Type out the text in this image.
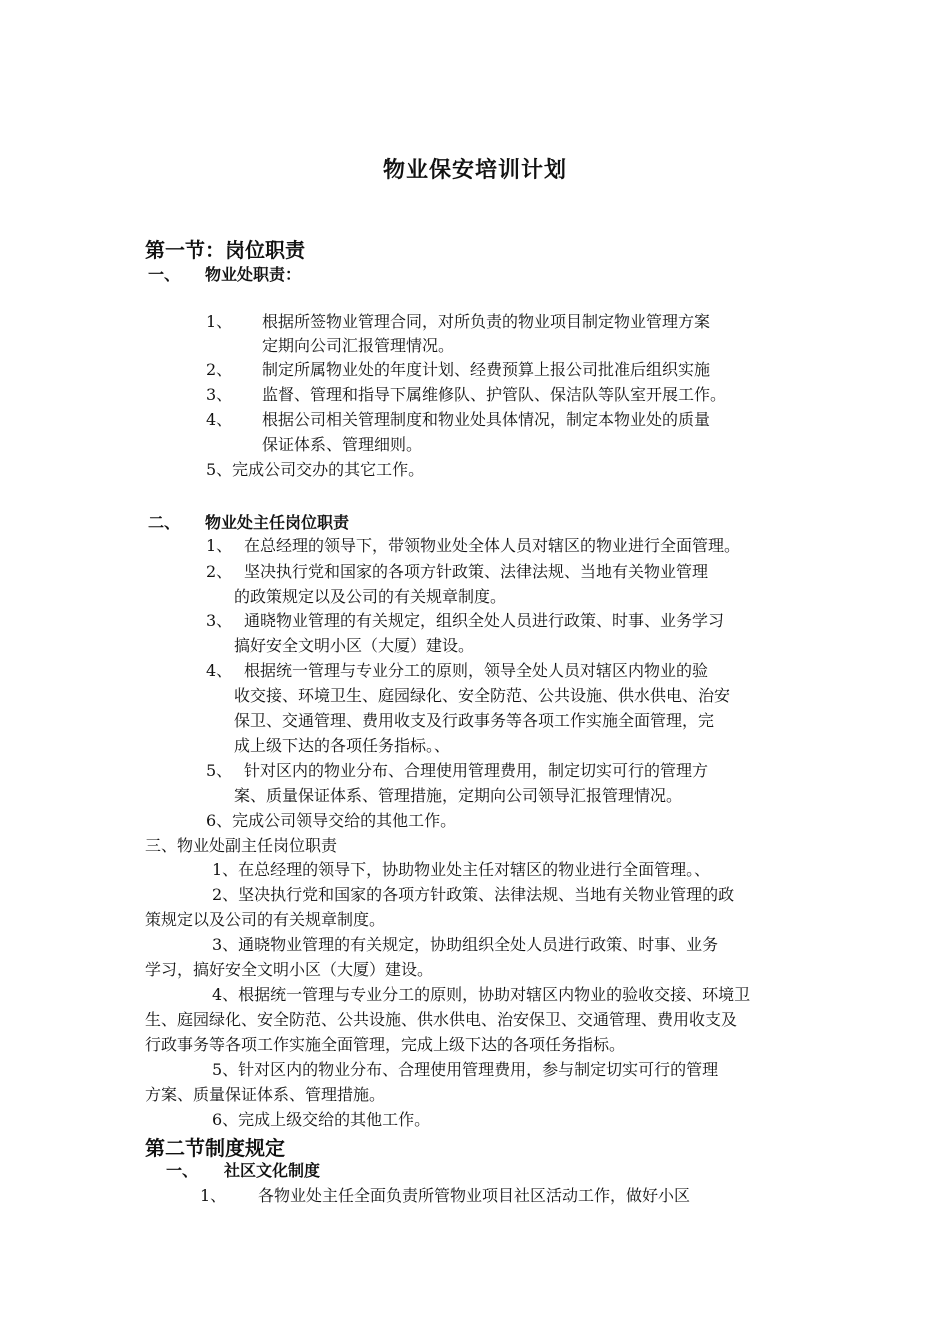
物业保安培训计划
第一节：岗位职责
一、 物业处职责：
1、 根据所签物业管理合同，对所负责的物业项目制定物业管理方案
定期向公司汇报管理情况。
2、 制定所属物业处的年度计划、经费预算上报公司批准后组织实施
3、 监督、管理和指导下属维修队、护管队、保洁队等队室开展工作。
4、 根据公司相关管理制度和物业处具体情况，制定本物业处的质量
保证体系、管理细则。
5、完成公司交办的其它工作。
二、 物业处主任岗位职责
1、 在总经理的领导下，带领物业处全体人员对辖区的物业进行全面管理。
2、 坚决执行党和国家的各项方针政策、法律法规、当地有关物业管理
的政策规定以及公司的有关规章制度。
3、 通晓物业管理的有关规定，组织全处人员进行政策、时事、业务学习
搞好安全文明小区（大厦）建设。
4、 根据统一管理与专业分工的原则，领导全处人员对辖区内物业的验
收交接、环境卫生、庭园绿化、安全防范、公共设施、供水供电、治安
保卫、交通管理、费用收支及行政事务等各项工作实施全面管理，完
成上级下达的各项任务指标。、
5、 针对区内的物业分布、合理使用管理费用，制定切实可行的管理方
案、质量保证体系、管理措施，定期向公司领导汇报管理情况。
6、完成公司领导交给的其他工作。
三、物业处副主任岗位职责
1、在总经理的领导下，协助物业处主任对辖区的物业进行全面管理。、
2、坚决执行党和国家的各项方针政策、法律法规、当地有关物业管理的政
策规定以及公司的有关规章制度。
3、通晓物业管理的有关规定，协助组织全处人员进行政策、时事、业务
学习，搞好安全文明小区（大厦）建设。
4、根据统一管理与专业分工的原则，协助对辖区内物业的验收交接、环境卫
生、庭园绿化、安全防范、公共设施、供水供电、治安保卫、交通管理、费用收支及
行政事务等各项工作实施全面管理，完成上级下达的各项任务指标。
5、针对区内的物业分布、合理使用管理费用，参与制定切实可行的管理
方案、质量保证体系、管理措施。
6、完成上级交给的其他工作。
第二节制度规定
一、 社区文化制度
1、 各物业处主任全面负责所管物业项目社区活动工作，做好小区
